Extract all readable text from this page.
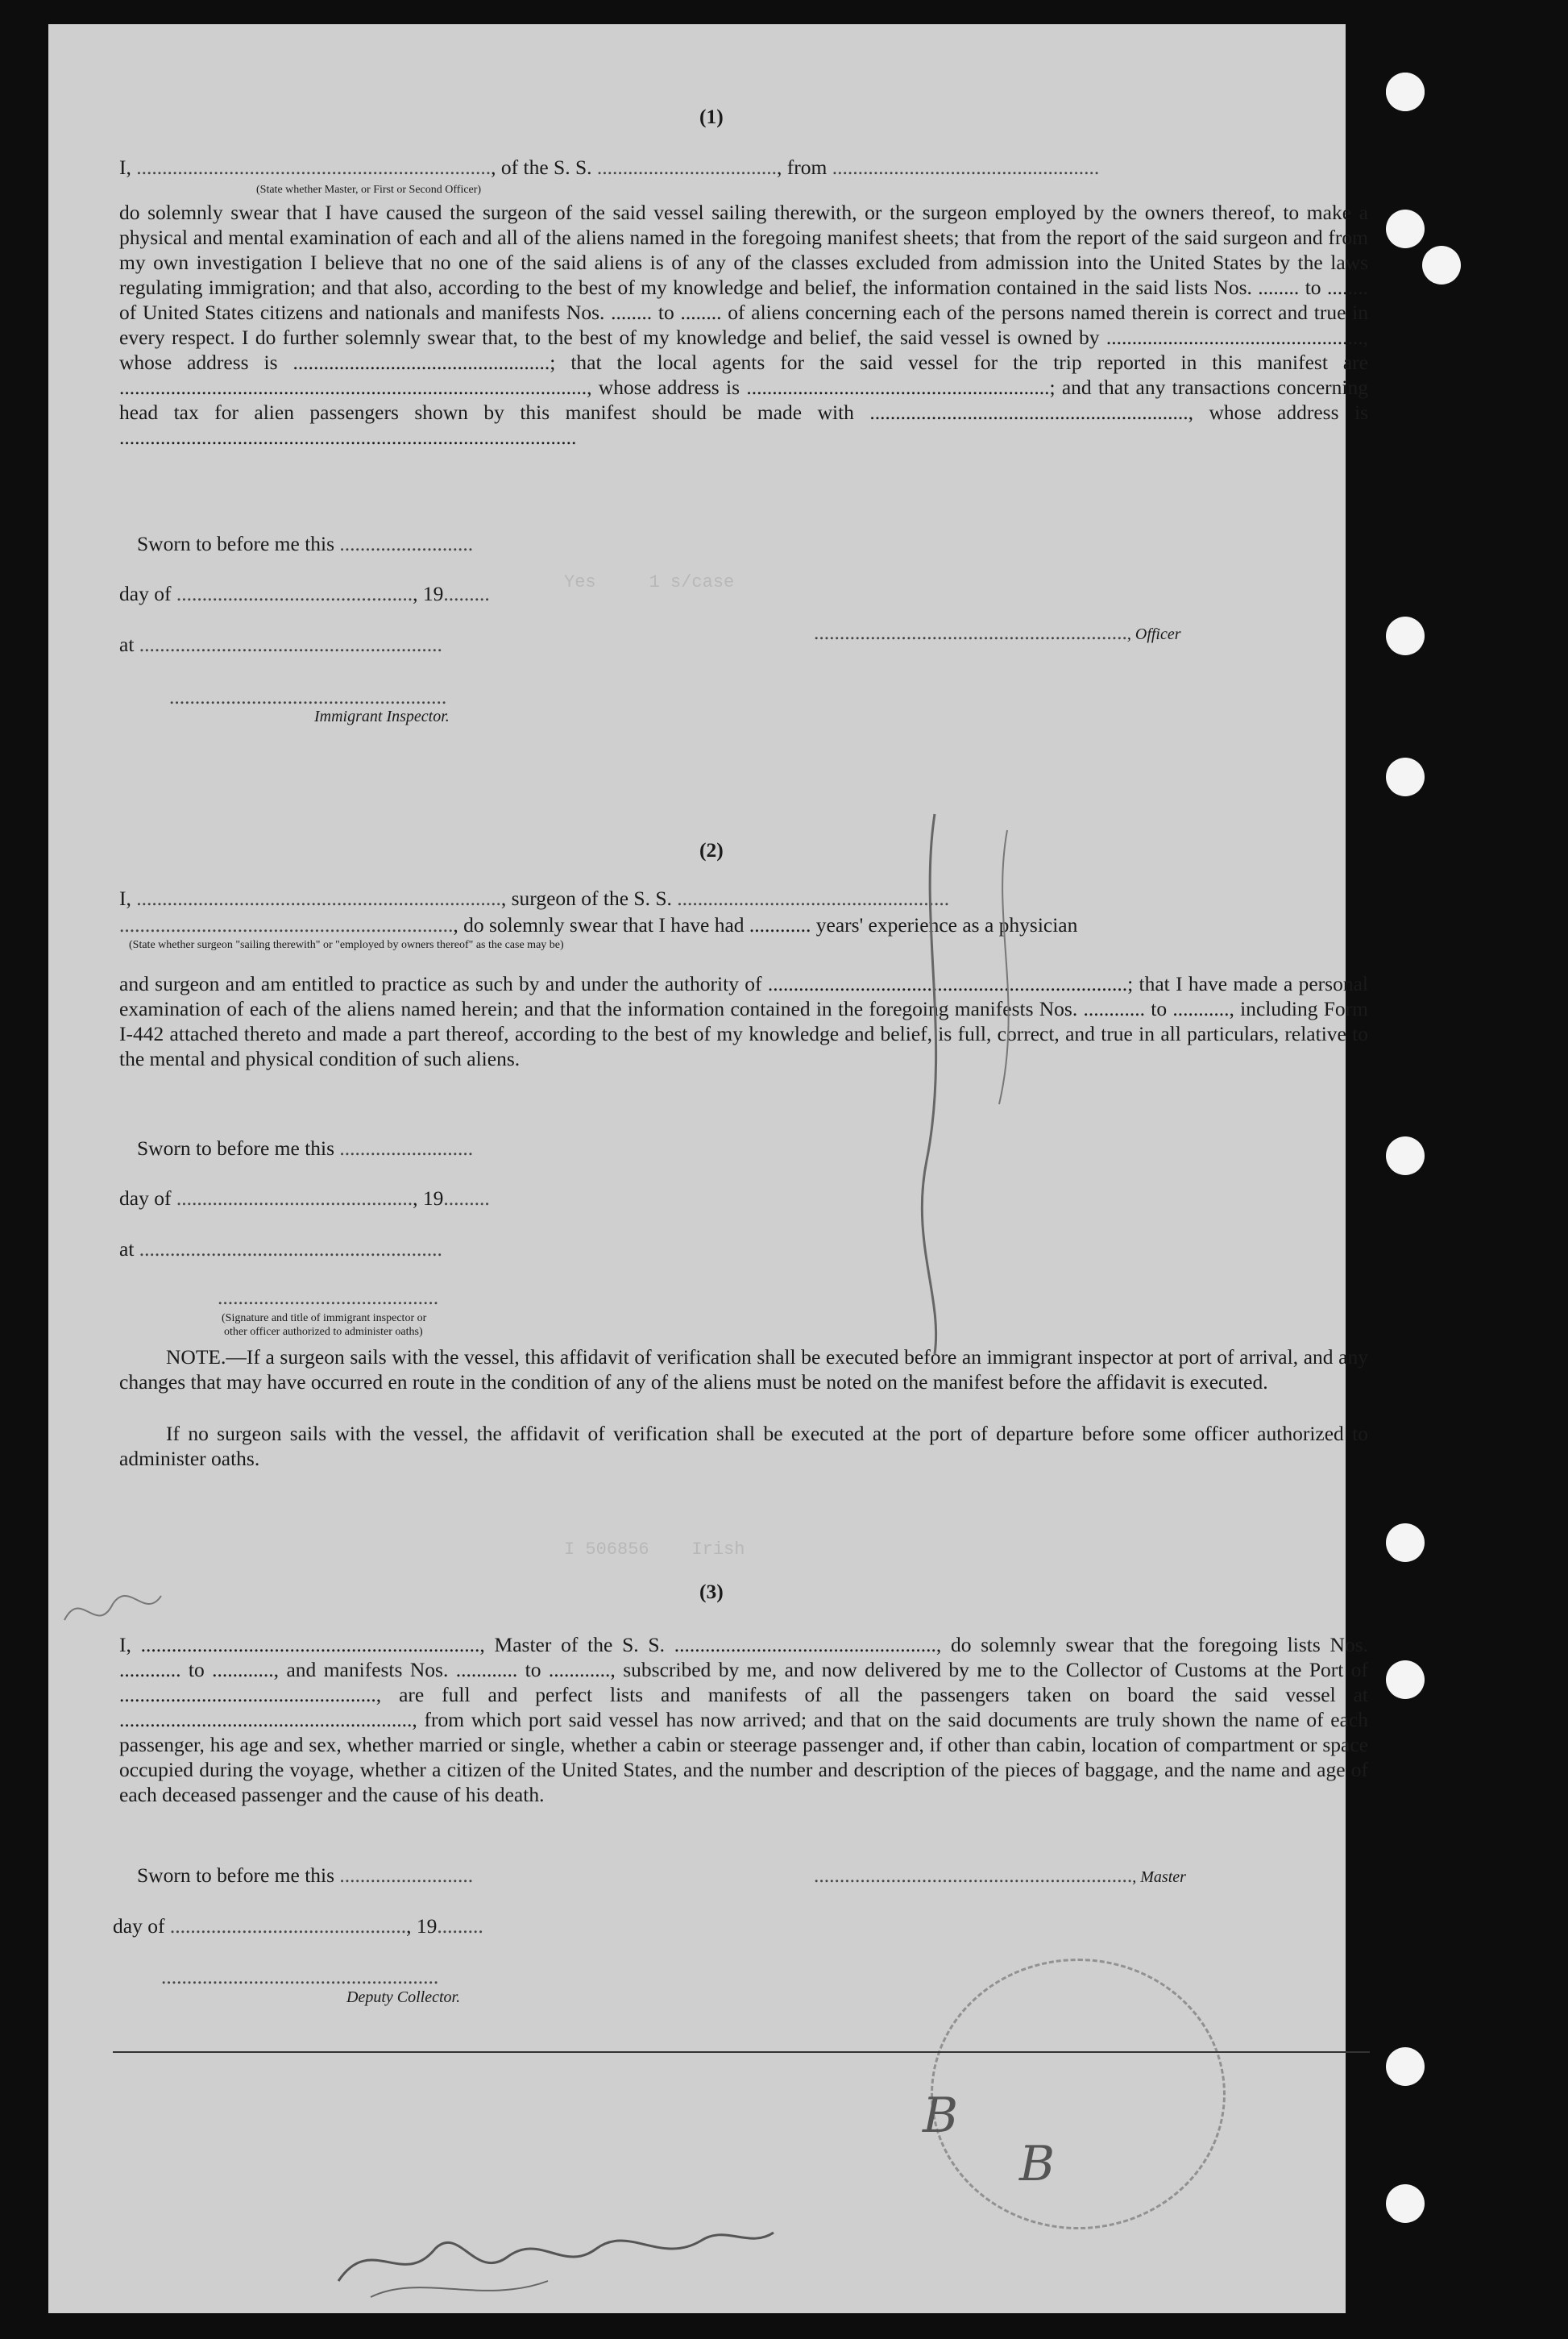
Yes     1 s/case
I 506856    Irish
(1)
I, ....................................................................., of the S. S. ..................................., from ....................................................
(State whether Master, or First or Second Officer)
do solemnly swear that I have caused the surgeon of the said vessel sailing therewith, or the surgeon employed by the owners thereof, to make a physical and mental examination of each and all of the aliens named in the foregoing manifest sheets; that from the report of the said surgeon and from my own investigation I believe that no one of the said aliens is of any of the classes excluded from admission into the United States by the laws regulating immigration; and that also, according to the best of my knowledge and belief, the information contained in the said lists Nos. ........ to ........ of United States citizens and nationals and manifests Nos. ........ to ........ of aliens concerning each of the persons named therein is correct and true in every respect. I do further solemnly swear that, to the best of my knowledge and belief, the said vessel is owned by .................................................., whose address is ..................................................; that the local agents for the said vessel for the trip reported in this manifest are ..........................................................................................., whose address is ...........................................................; and that any transactions concerning head tax for alien passengers shown by this manifest should be made with .............................................................., whose address is .........................................................................................
Sworn to before me this ..........................
day of .............................................., 19.........
............................................................., Officer
at ...........................................................
......................................................
Immigrant Inspector.
(2)
I, ......................................................................., surgeon of the S. S. .....................................................
................................................................., do solemnly swear that I have had ............ years' experience as a physician
(State whether surgeon "sailing therewith" or "employed by owners thereof" as the case may be)
and surgeon and am entitled to practice as such by and under the authority of ......................................................................; that I have made a personal examination of each of the aliens named herein; and that the information contained in the foregoing manifests Nos. ............ to ..........., including Form I-442 attached thereto and made a part thereof, according to the best of my knowledge and belief, is full, correct, and true in all particulars, relative to the mental and physical condition of such aliens.
Sworn to before me this ..........................
day of .............................................., 19.........
at ...........................................................
...........................................
(Signature and title of immigrant inspector or
other officer authorized to administer oaths)
NOTE.—If a surgeon sails with the vessel, this affidavit of verification shall be executed before an immigrant inspector at port of arrival, and any changes that may have occurred en route in the condition of any of the aliens must be noted on the manifest before the affidavit is executed.
If no surgeon sails with the vessel, the affidavit of verification shall be executed at the port of departure before some officer authorized to administer oaths.
(3)
I, .................................................................., Master of the S. S. ..................................................., do solemnly swear that the foregoing lists Nos. ............ to ............, and manifests Nos. ............ to ............, subscribed by me, and now delivered by me to the Collector of Customs at the Port of .................................................., are full and perfect lists and manifests of all the passengers taken on board the said vessel at ........................................................., from which port said vessel has now arrived; and that on the said documents are truly shown the name of each passenger, his age and sex, whether married or single, whether a cabin or steerage passenger and, if other than cabin, location of compartment or space occupied during the voyage, whether a citizen of the United States, and the number and description of the pieces of baggage, and the name and age of each deceased passenger and the cause of his death.
Sworn to before me this ..........................	.............................................................., Master
day of .............................................., 19.........
......................................................
Deputy Collector.
B
B
